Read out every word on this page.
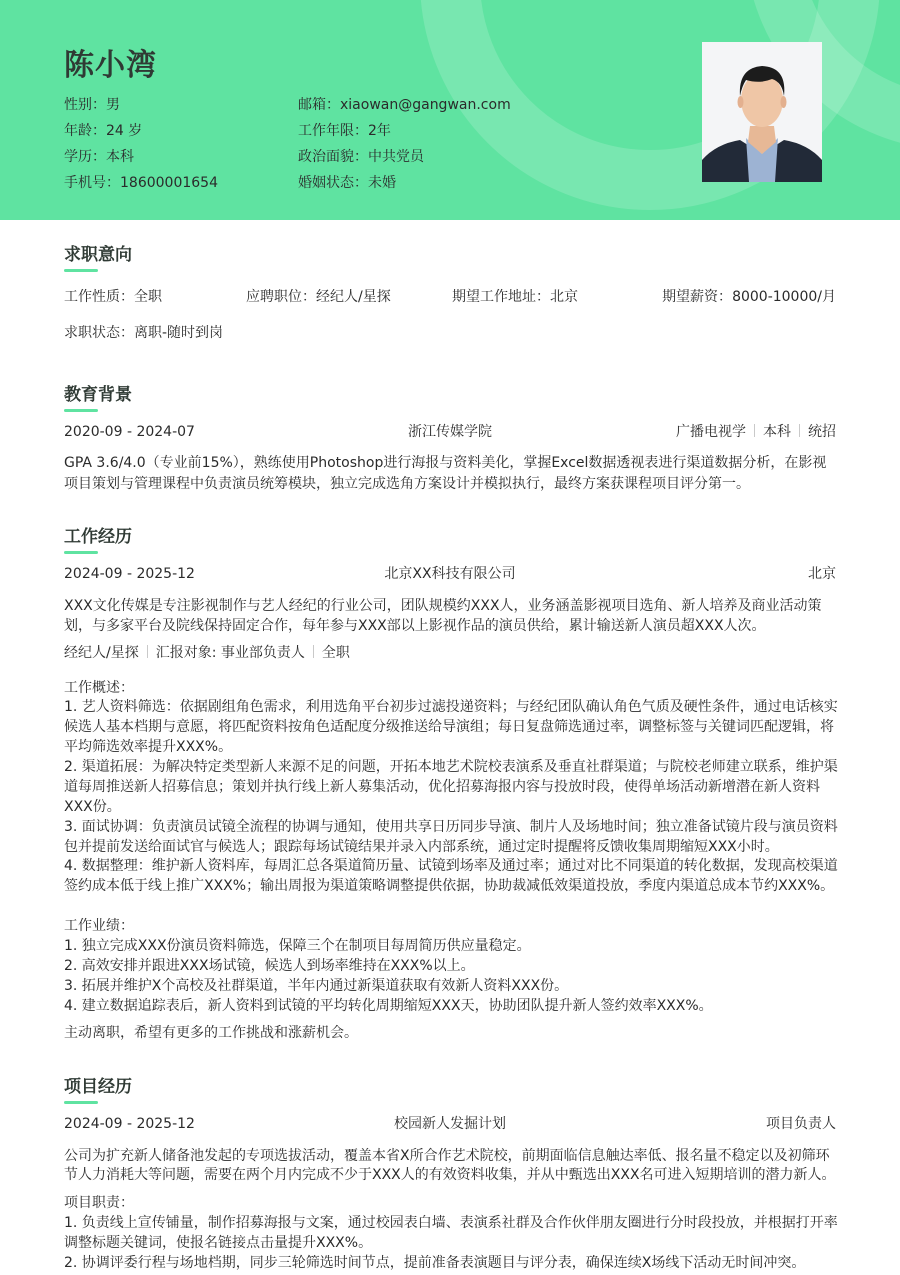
陈小湾
性别：男	邮箱：xiaowan@gangwan.com
年龄：24 岁	工作年限：2年
学历：本科	政治面貌：中共党员
手机号：18600001654	婚姻状态：未婚
求职意向
工作性质：全职	应聘职位：经纪人/星探	期望工作地址：北京	期望薪资：8000-10000/月
求职状态：离职-随时到岗
教育背景
2020-09 - 2024-07	浙江传媒学院	广播电视学 本科 统招
GPA 3.6/4.0（专业前15%），熟练使用Photoshop进行海报与资料美化，掌握Excel数据透视表进行渠道数据分析，在影视
项目策划与管理课程中负责演员统筹模块，独立完成选角方案设计并模拟执行，最终方案获课程项目评分第一。
工作经历
2024-09 - 2025-12	北京XX科技有限公司	北京
XXX文化传媒是专注影视制作与艺人经纪的行业公司，团队规模约XXX人，业务涵盖影视项目选角、新人培养及商业活动策
划，与多家平台及院线保持固定合作，每年参与XXX部以上影视作品的演员供给，累计输送新人演员超XXX人次。
经纪人/星探 汇报对象: 事业部负责人 全职
工作概述：
1. 艺人资料筛选：依据剧组角色需求，利用选角平台初步过滤投递资料；与经纪团队确认角色气质及硬性条件，通过电话核实
候选人基本档期与意愿，将匹配资料按角色适配度分级推送给导演组；每日复盘筛选通过率，调整标签与关键词匹配逻辑，将
平均筛选效率提升XXX%。
2. 渠道拓展：为解决特定类型新人来源不足的问题，开拓本地艺术院校表演系及垂直社群渠道；与院校老师建立联系，维护渠
道每周推送新人招募信息；策划并执行线上新人募集活动，优化招募海报内容与投放时段，使得单场活动新增潜在新人资料
XXX份。
3. 面试协调：负责演员试镜全流程的协调与通知，使用共享日历同步导演、制片人及场地时间；独立准备试镜片段与演员资料
包并提前发送给面试官与候选人；跟踪每场试镜结果并录入内部系统，通过定时提醒将反馈收集周期缩短XXX小时。
4. 数据整理：维护新人资料库，每周汇总各渠道简历量、试镜到场率及通过率；通过对比不同渠道的转化数据，发现高校渠道
签约成本低于线上推广XXX%；输出周报为渠道策略调整提供依据，协助裁减低效渠道投放，季度内渠道总成本节约XXX%。
工作业绩：
1. 独立完成XXX份演员资料筛选，保障三个在制项目每周简历供应量稳定。
2. 高效安排并跟进XXX场试镜，候选人到场率维持在XXX%以上。
3. 拓展并维护X个高校及社群渠道，半年内通过新渠道获取有效新人资料XXX份。
4. 建立数据追踪表后，新人资料到试镜的平均转化周期缩短XXX天，协助团队提升新人签约效率XXX%。
主动离职，希望有更多的工作挑战和涨薪机会。
项目经历
2024-09 - 2025-12	校园新人发掘计划	项目负责人
公司为扩充新人储备池发起的专项选拔活动，覆盖本省X所合作艺术院校，前期面临信息触达率低、报名量不稳定以及初筛环
节人力消耗大等问题，需要在两个月内完成不少于XXX人的有效资料收集，并从中甄选出XXX名可进入短期培训的潜力新人。
项目职责：
1. 负责线上宣传铺量，制作招募海报与文案，通过校园表白墙、表演系社群及合作伙伴朋友圈进行分时段投放，并根据打开率
调整标题关键词，使报名链接点击量提升XXX%。
2. 协调评委行程与场地档期，同步三轮筛选时间节点，提前准备表演题目与评分表，确保连续X场线下活动无时间冲突。
